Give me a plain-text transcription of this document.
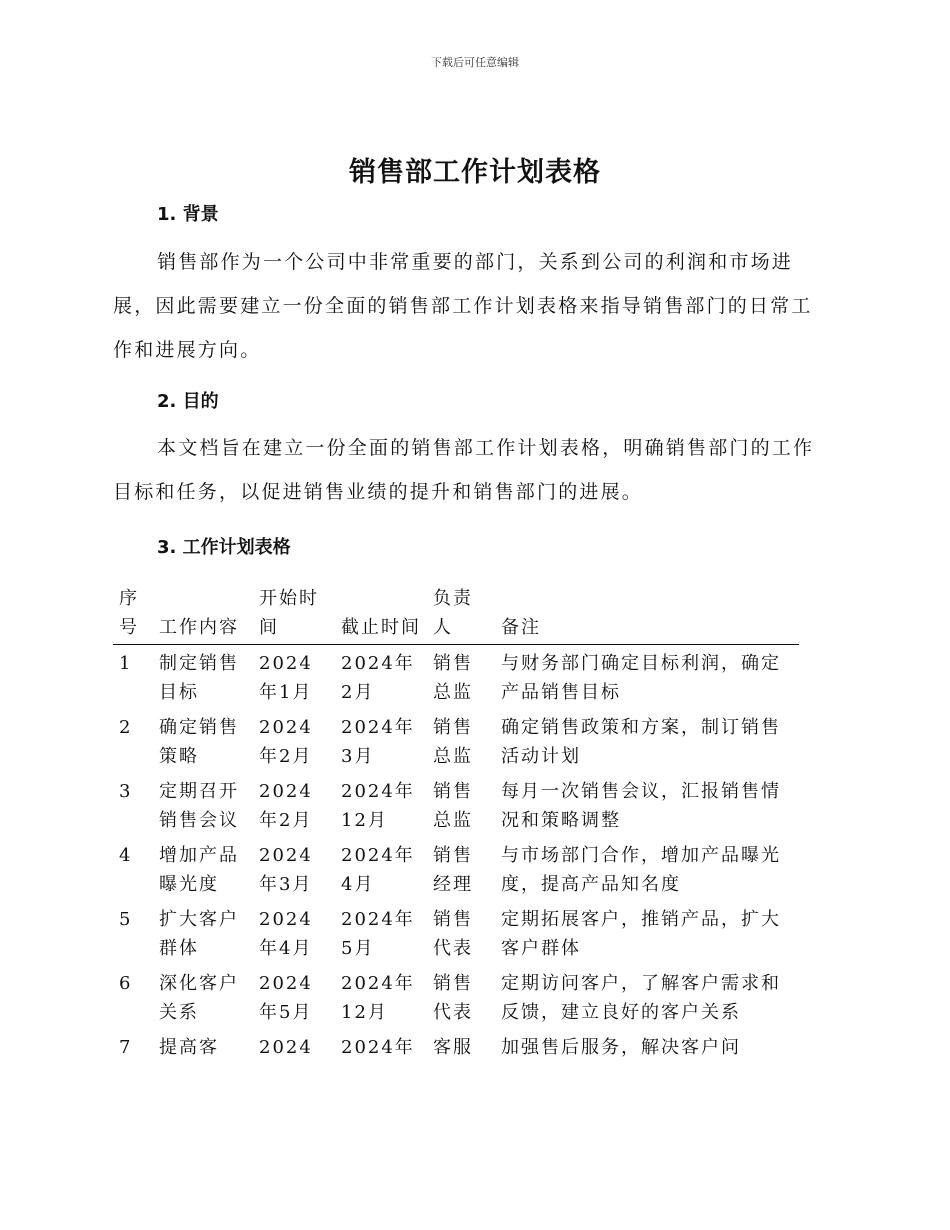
下载后可任意编辑
销售部工作计划表格
1. 背景
销售部作为一个公司中非常重要的部门，关系到公司的利润和市场进展，因此需要建立一份全面的销售部工作计划表格来指导销售部门的日常工作和进展方向。
2. 目的
本文档旨在建立一份全面的销售部工作计划表格，明确销售部门的工作目标和任务，以促进销售业绩的提升和销售部门的进展。
3. 工作计划表格
序号	工作内容	开始时间	截止时间	负责人	备注
1	制定销售目标	2024年1月	2024年2月	销售总监	与财务部门确定目标利润，确定产品销售目标
2	确定销售策略	2024年2月	2024年3月	销售总监	确定销售政策和方案，制订销售活动计划
3	定期召开销售会议	2024年2月	2024年12月	销售总监	每月一次销售会议，汇报销售情况和策略调整
4	增加产品曝光度	2024年3月	2024年4月	销售经理	与市场部门合作，增加产品曝光度，提高产品知名度
5	扩大客户群体	2024年4月	2024年5月	销售代表	定期拓展客户，推销产品，扩大客户群体
6	深化客户关系	2024年5月	2024年12月	销售代表	定期访问客户，了解客户需求和反馈，建立良好的客户关系
7	提高客	2024	2024年	客服	加强售后服务，解决客户问
